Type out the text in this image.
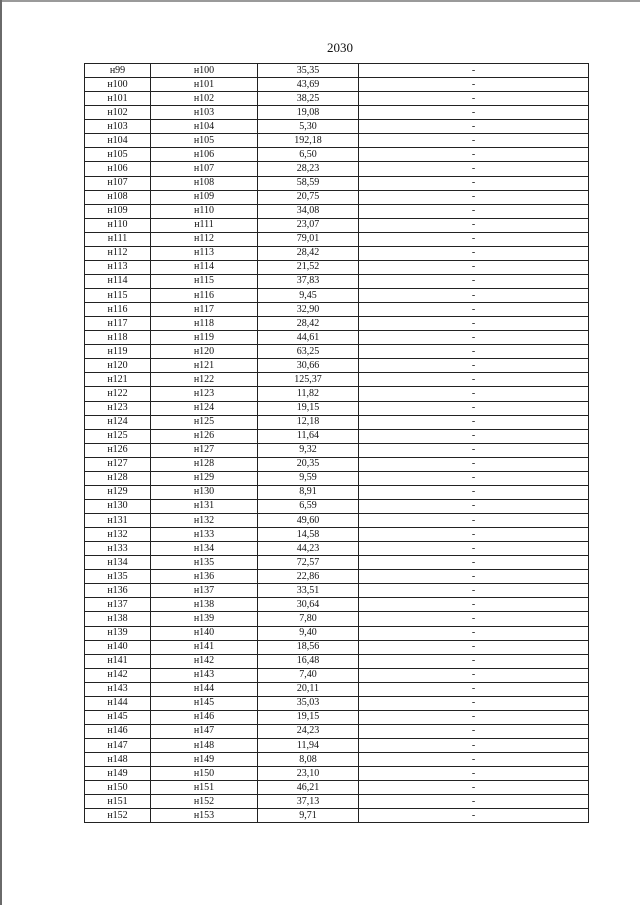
2030
н99	н100	35,35	-
н100	н101	43,69	-
н101	н102	38,25	-
н102	н103	19,08	-
н103	н104	5,30	-
н104	н105	192,18	-
н105	н106	6,50	-
н106	н107	28,23	-
н107	н108	58,59	-
н108	н109	20,75	-
н109	н110	34,08	-
н110	н111	23,07	-
н111	н112	79,01	-
н112	н113	28,42	-
н113	н114	21,52	-
н114	н115	37,83	-
н115	н116	9,45	-
н116	н117	32,90	-
н117	н118	28,42	-
н118	н119	44,61	-
н119	н120	63,25	-
н120	н121	30,66	-
н121	н122	125,37	-
н122	н123	11,82	-
н123	н124	19,15	-
н124	н125	12,18	-
н125	н126	11,64	-
н126	н127	9,32	-
н127	н128	20,35	-
н128	н129	9,59	-
н129	н130	8,91	-
н130	н131	6,59	-
н131	н132	49,60	-
н132	н133	14,58	-
н133	н134	44,23	-
н134	н135	72,57	-
н135	н136	22,86	-
н136	н137	33,51	-
н137	н138	30,64	-
н138	н139	7,80	-
н139	н140	9,40	-
н140	н141	18,56	-
н141	н142	16,48	-
н142	н143	7,40	-
н143	н144	20,11	-
н144	н145	35,03	-
н145	н146	19,15	-
н146	н147	24,23	-
н147	н148	11,94	-
н148	н149	8,08	-
н149	н150	23,10	-
н150	н151	46,21	-
н151	н152	37,13	-
н152	н153	9,71	-
